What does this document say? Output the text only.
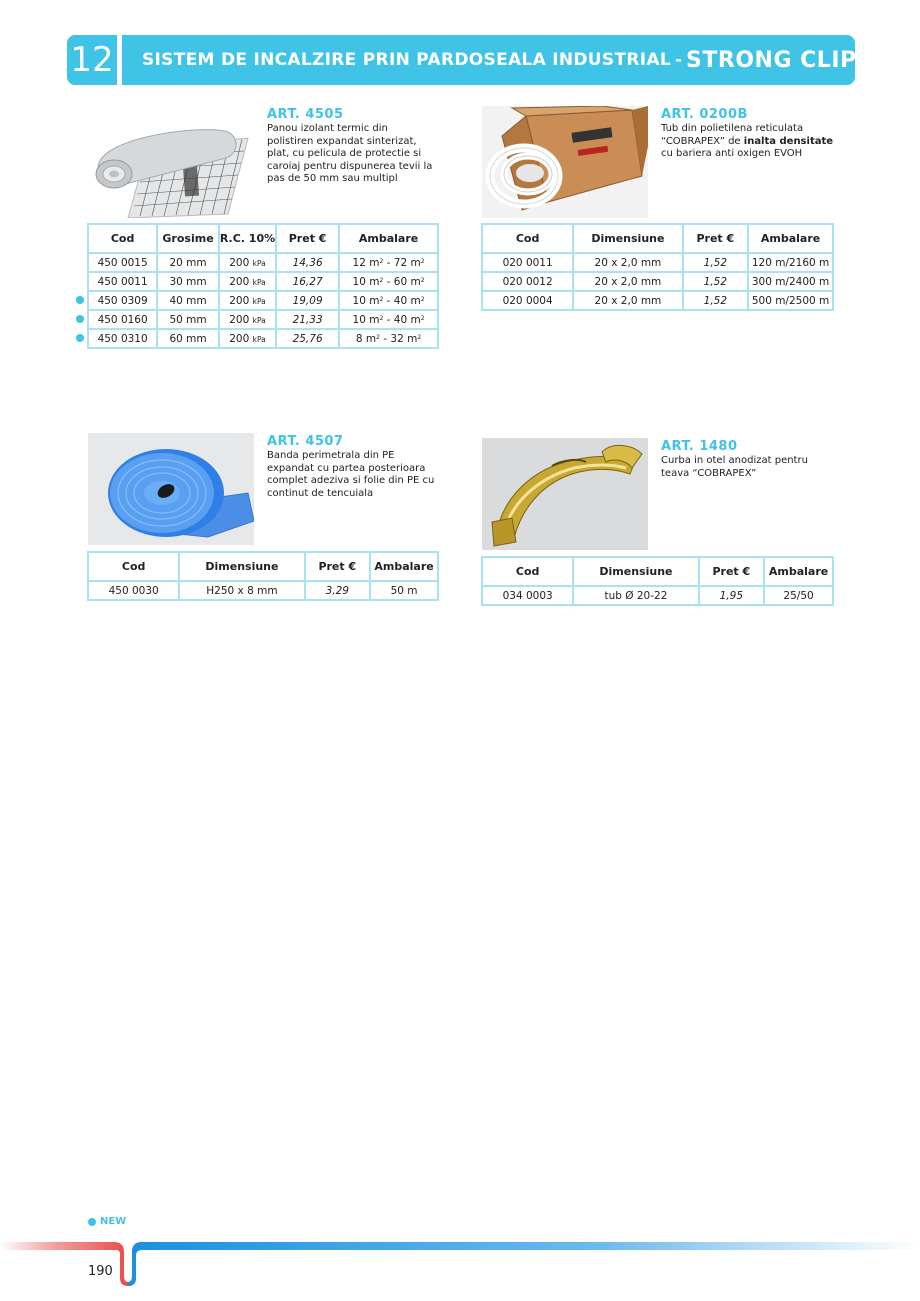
12 SISTEM DE INCALZIRE PRIN PARDOSEALA INDUSTRIAL - STRONG CLIP
ART. 4505
Panou izolant termic din polistiren expandat sinterizat, plat, cu pelicula de protectie si caroiaj pentru dispunerea tevii la pas de 50 mm sau multipl
Cod	Grosime	R.C. 10%	Pret €	Ambalare
450 0015	20 mm	200 kPa	14,36	12 $m^2 - 72$ $m^2$
450 0011	30 mm	200 kPa	16,27	10 $m^2 - 60$ $m^2$
450 0309	40 mm	200 kPa	19,09	10 $m^2 - 40$ $m^2$
450 0160	50 mm	200 kPa	21,33	10 $m^2 - 40$ $m^2$
450 0310	60 mm	200 kPa	25,76	8 $m^2 - 32$ $m^2$
ART. 0200B
Tub din polietilena reticulata “COBRAPEX” de inalta densitate cu bariera anti oxigen EVOH
Cod	Dimensiune	Pret €	Ambalare
020 0011	20 x 2,0 mm	1,52	120 m/2160 m
020 0012	20 x 2,0 mm	1,52	300 m/2400 m
020 0004	20 x 2,0 mm	1,52	500 m/2500 m
ART. 4507
Banda perimetrala din PE expandat cu partea posterioara complet adeziva si folie din PE cu continut de tencuiala
Cod	Dimensiune	Pret €	Ambalare
450 0030	H250 x 8 mm	3,29	50 m
ART. 1480
Curba in otel anodizat pentru teava “COBRAPEX”
Cod	Dimensiune	Pret €	Ambalare
034 0003	tub Ø 20-22	1,95	25/50
NEW
190
